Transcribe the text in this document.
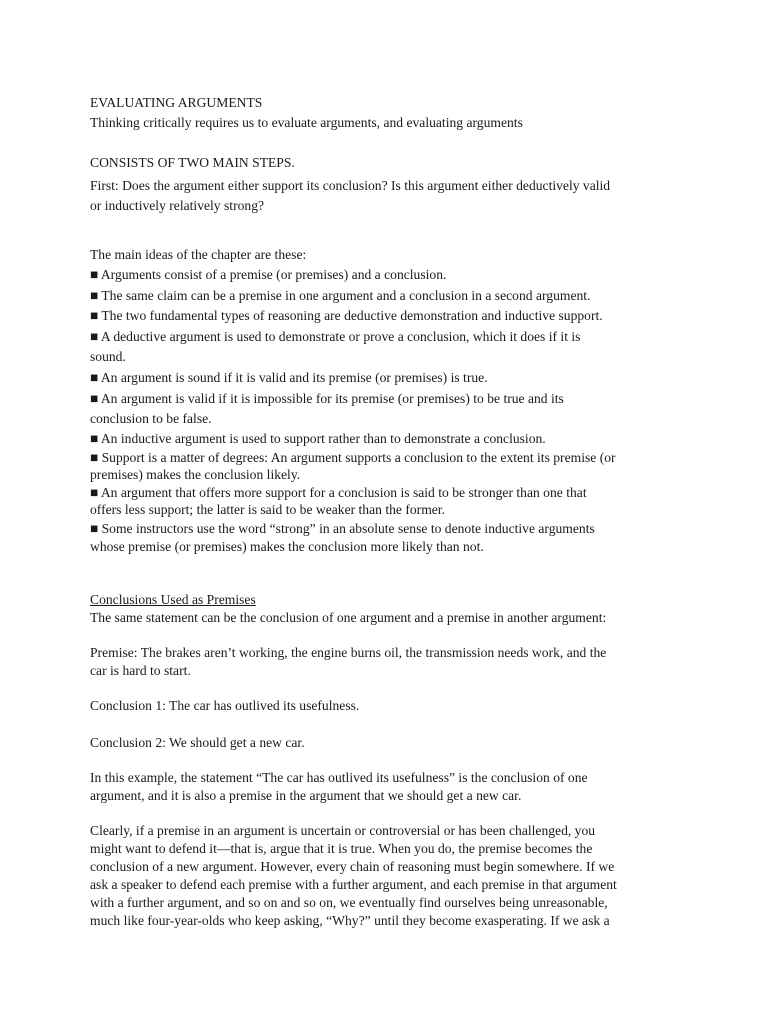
EVALUATING ARGUMENTS
Thinking critically requires us to evaluate arguments, and evaluating arguments
CONSISTS OF TWO MAIN STEPS.
First: Does the argument either support its conclusion? Is this argument either deductively valid
or inductively relatively strong?
The main ideas of the chapter are these:
■ Arguments consist of a premise (or premises) and a conclusion.
■ The same claim can be a premise in one argument and a conclusion in a second argument.
■ The two fundamental types of reasoning are deductive demonstration and inductive support.
■ A deductive argument is used to demonstrate or prove a conclusion, which it does if it is
sound.
■ An argument is sound if it is valid and its premise (or premises) is true.
■ An argument is valid if it is impossible for its premise (or premises) to be true and its
conclusion to be false.
■ An inductive argument is used to support rather than to demonstrate a conclusion.
■ Support is a matter of degrees: An argument supports a conclusion to the extent its premise (or
premises) makes the conclusion likely.
■ An argument that offers more support for a conclusion is said to be stronger than one that
offers less support; the latter is said to be weaker than the former.
■ Some instructors use the word “strong” in an absolute sense to denote inductive arguments
whose premise (or premises) makes the conclusion more likely than not.
Conclusions Used as Premises
The same statement can be the conclusion of one argument and a premise in another argument:
Premise: The brakes aren’t working, the engine burns oil, the transmission needs work, and the
car is hard to start.
Conclusion 1: The car has outlived its usefulness.
Conclusion 2: We should get a new car.
In this example, the statement “The car has outlived its usefulness” is the conclusion of one
argument, and it is also a premise in the argument that we should get a new car.
Clearly, if a premise in an argument is uncertain or controversial or has been challenged, you
might want to defend it—that is, argue that it is true. When you do, the premise becomes the
conclusion of a new argument. However, every chain of reasoning must begin somewhere. If we
ask a speaker to defend each premise with a further argument, and each premise in that argument
with a further argument, and so on and so on, we eventually find ourselves being unreasonable,
much like four-year-olds who keep asking, “Why?” until they become exasperating. If we ask a
